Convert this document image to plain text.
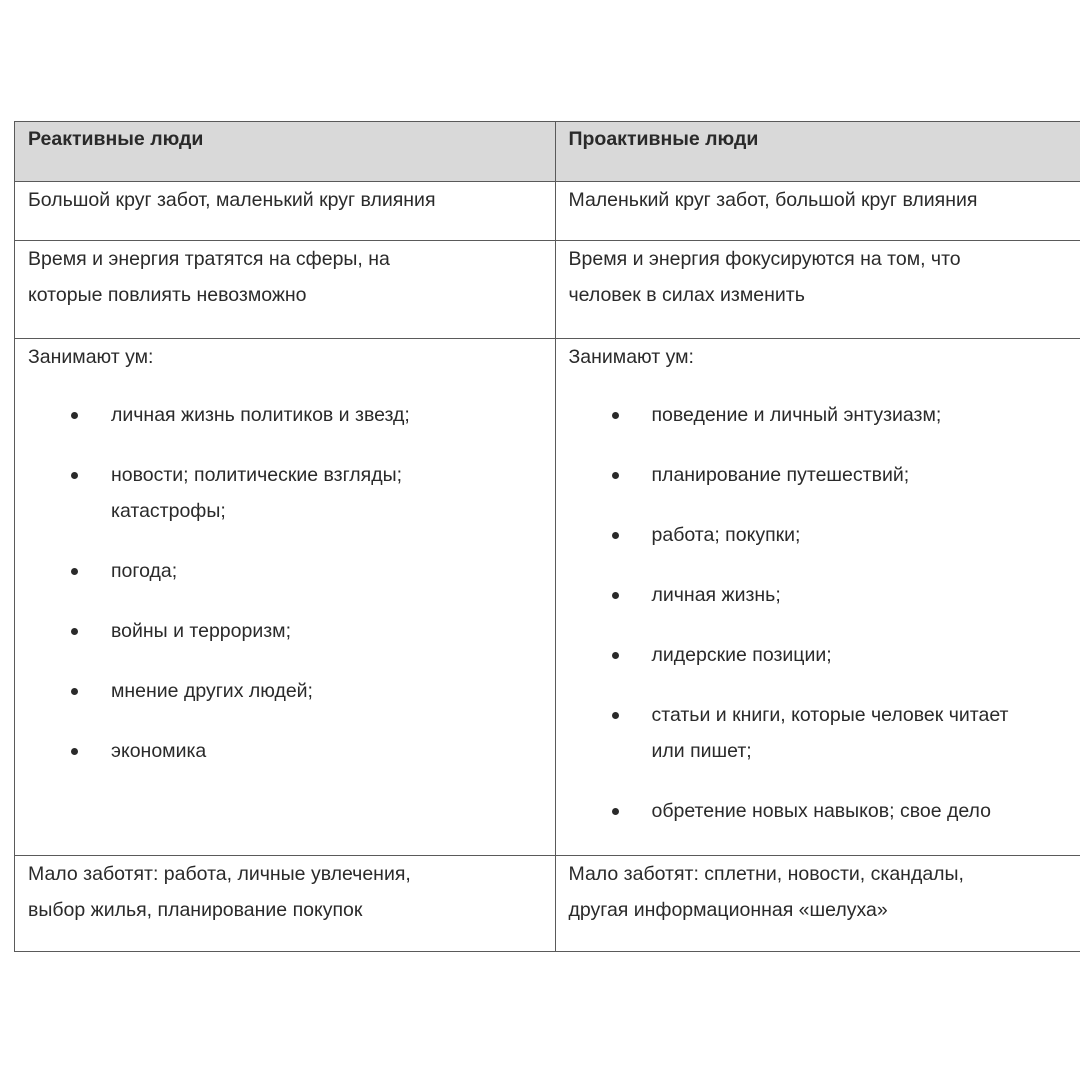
Реактивные люди	Проактивные люди
Большой круг забот, маленький круг влияния	Маленький круг забот, большой круг влияния
Время и энергия тратятся на сферы, на
которые повлиять невозможно
Время и энергия фокусируются на том, что
человек в силах изменить

Занимают ум:

личная жизнь политиков и звезд;
новости; политические взгляды;
катастрофы;
погода;
войны и терроризм;
мнение других людей;
экономика

Занимают ум:

поведение и личный энтузиазм;
планирование путешествий;
работа; покупки;
личная жизнь;
лидерские позиции;
статьи и книги, которые человек читает
или пишет;
обретение новых навыков; свое дело
Мало заботят: работа, личные увлечения,
выбор жилья, планирование покупок
Мало заботят: сплетни, новости, скандалы,
другая информационная «шелуха»
